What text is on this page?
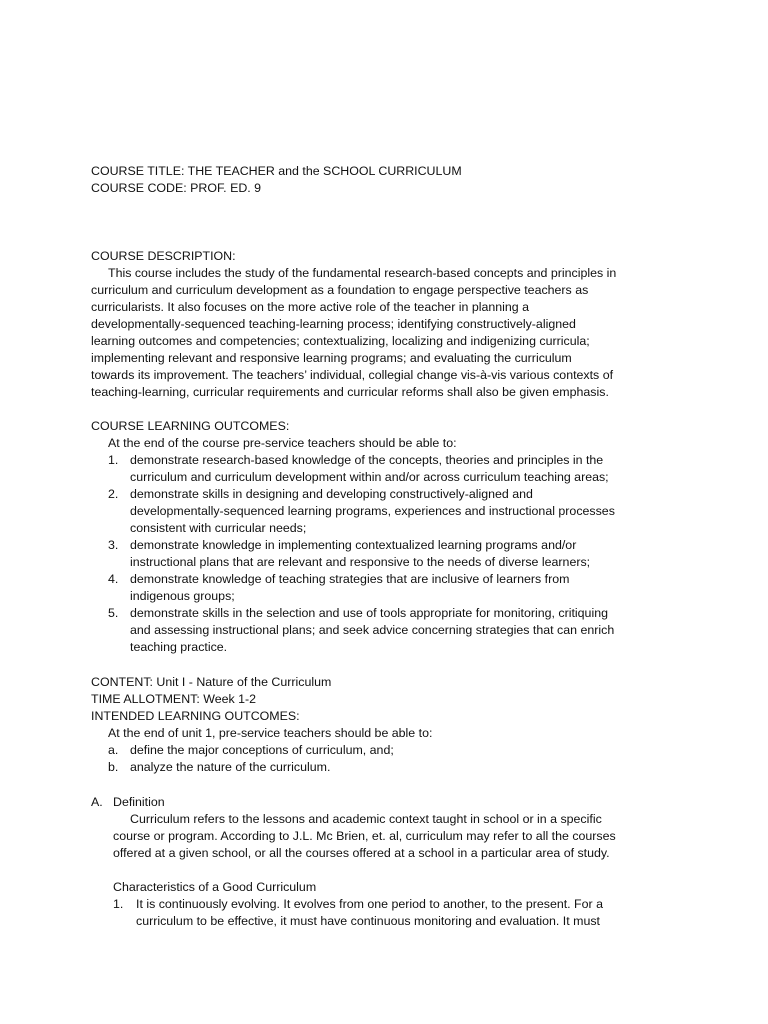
COURSE TITLE: THE TEACHER and the SCHOOL CURRICULUM
COURSE CODE: PROF. ED. 9
COURSE DESCRIPTION:
This course includes the study of the fundamental research-based concepts and principles in
curriculum and curriculum development as a foundation to engage perspective teachers as
curricularists. It also focuses on the more active role of the teacher in planning a
developmentally-sequenced teaching-learning process; identifying constructively-aligned
learning outcomes and competencies; contextualizing, localizing and indigenizing curricula;
implementing relevant and responsive learning programs; and evaluating the curriculum
towards its improvement. The teachers’ individual, collegial change vis-à-vis various contexts of
teaching-learning, curricular requirements and curricular reforms shall also be given emphasis.
COURSE LEARNING OUTCOMES:
At the end of the course pre-service teachers should be able to:
1. demonstrate research-based knowledge of the concepts, theories and principles in the
curriculum and curriculum development within and/or across curriculum teaching areas;
2. demonstrate skills in designing and developing constructively-aligned and
developmentally-sequenced learning programs, experiences and instructional processes
consistent with curricular needs;
3. demonstrate knowledge in implementing contextualized learning programs and/or
instructional plans that are relevant and responsive to the needs of diverse learners;
4. demonstrate knowledge of teaching strategies that are inclusive of learners from
indigenous groups;
5. demonstrate skills in the selection and use of tools appropriate for monitoring, critiquing
and assessing instructional plans; and seek advice concerning strategies that can enrich
teaching practice.
CONTENT: Unit I - Nature of the Curriculum
TIME ALLOTMENT: Week 1-2
INTENDED LEARNING OUTCOMES:
At the end of unit 1, pre-service teachers should be able to:
a. define the major conceptions of curriculum, and;
b. analyze the nature of the curriculum.
A. Definition
Curriculum refers to the lessons and academic context taught in school or in a specific
course or program. According to J.L. Mc Brien, et. al, curriculum may refer to all the courses
offered at a given school, or all the courses offered at a school in a particular area of study.
Characteristics of a Good Curriculum
1. It is continuously evolving. It evolves from one period to another, to the present. For a
curriculum to be effective, it must have continuous monitoring and evaluation. It must
